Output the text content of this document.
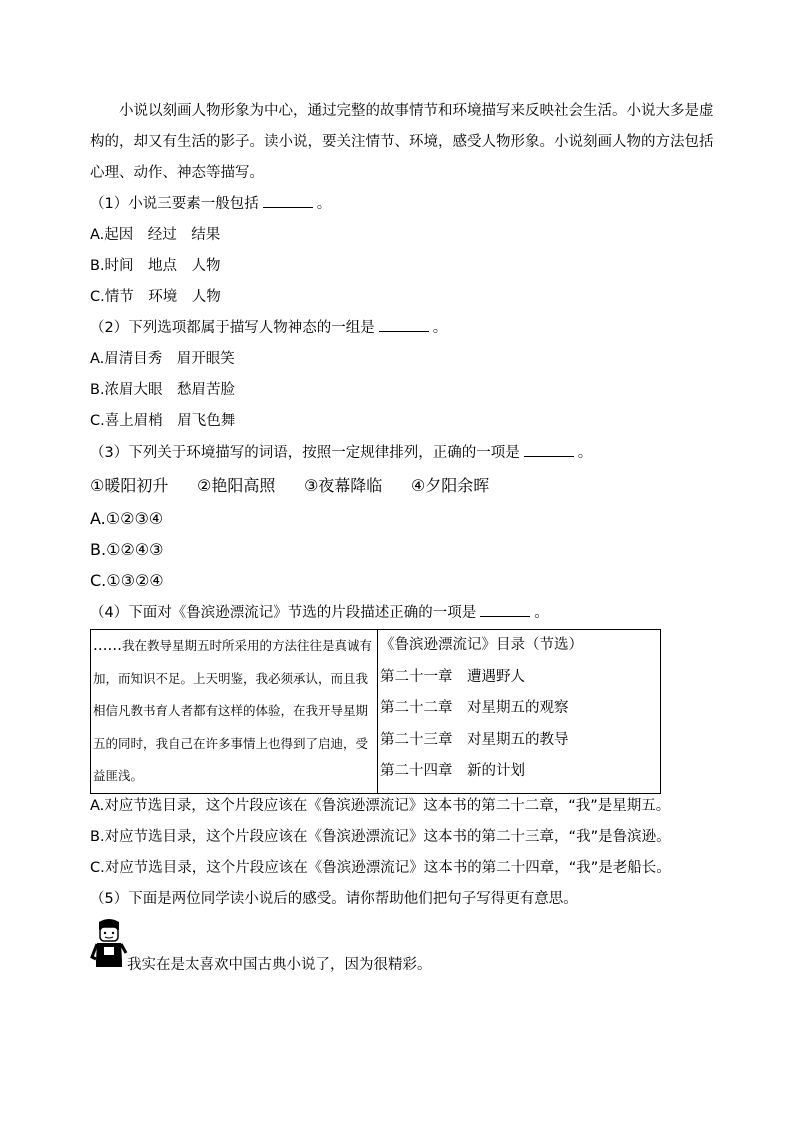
小说以刻画人物形象为中心，通过完整的故事情节和环境描写来反映社会生活。小说大多是虚构的，却又有生活的影子。读小说，要关注情节、环境，感受人物形象。小说刻画人物的方法包括心理、动作、神态等描写。
（1）小说三要素一般包括	。
A.起因　经过　结果
B.时间　地点　人物
C.情节　环境　人物
（2）下列选项都属于描写人物神态的一组是	。
A.眉清目秀　眉开眼笑
B.浓眉大眼　愁眉苦脸
C.喜上眉梢　眉飞色舞
（3）下列关于环境描写的词语，按照一定规律排列，正确的一项是	。
①暖阳初升 ②艳阳高照 ③夜幕降临 ④夕阳余晖
A.①②③④
B.①②④③
C.①③②④
（4）下面对《鲁滨逊漂流记》节选的片段描述正确的一项是	。
……我在教导星期五时所采用的方法往往是真诚有加，而知识不足。上天明鉴，我必须承认，而且我相信凡教书育人者都有这样的体验，在我开导星期五的同时，我自己在许多事情上也得到了启迪，受益匪浅。	
《鲁滨逊漂流记》目录（节选）
第二十一章　遭遇野人
第二十二章　对星期五的观察
第二十三章　对星期五的教导
第二十四章　新的计划
A.对应节选目录，这个片段应该在《鲁滨逊漂流记》这本书的第二十二章，“我”是星期五。
B.对应节选目录，这个片段应该在《鲁滨逊漂流记》这本书的第二十三章，“我”是鲁滨逊。
C.对应节选目录，这个片段应该在《鲁滨逊漂流记》这本书的第二十四章，“我”是老船长。
（5）下面是两位同学读小说后的感受。请你帮助他们把句子写得更有意思。
我实在是太喜欢中国古典小说了，因为很精彩。
